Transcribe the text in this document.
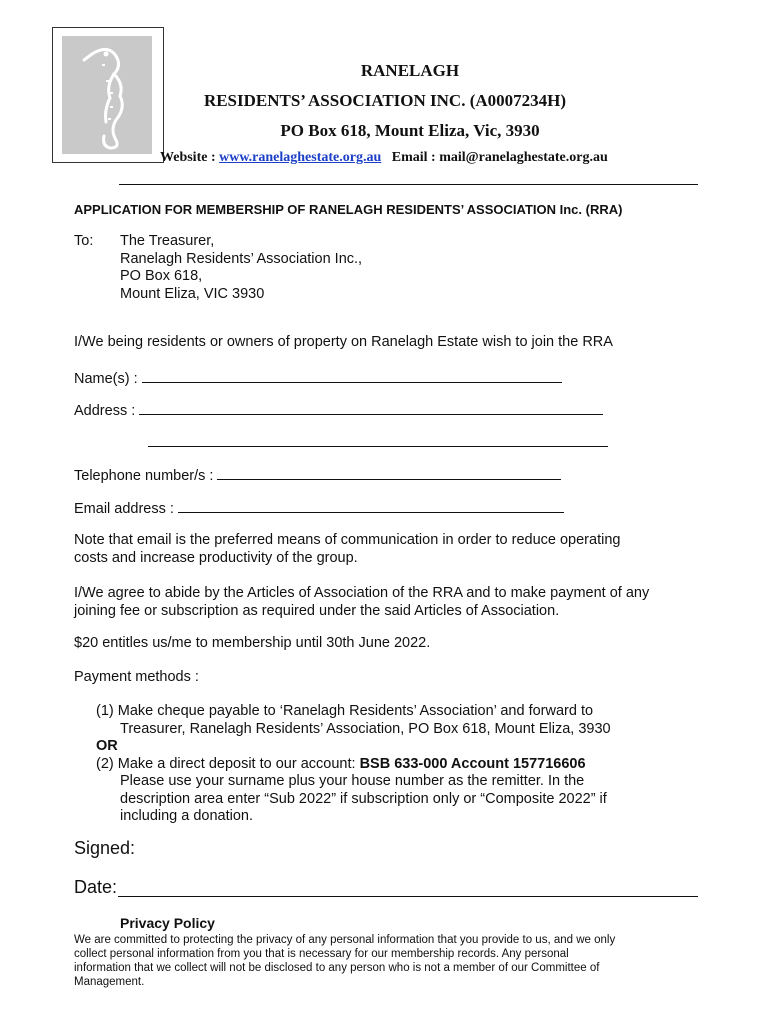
RANELAGH
RESIDENTS’ ASSOCIATION INC. (A0007234H)
PO Box 618, Mount Eliza, Vic, 3930
Website : www.ranelaghestate.org.au Email : mail@ranelaghestate.org.au
APPLICATION FOR MEMBERSHIP OF RANELAGH RESIDENTS’ ASSOCIATION Inc. (RRA)
To: The Treasurer,
Ranelagh Residents’ Association Inc.,
PO Box 618,
Mount Eliza, VIC 3930
I/We being residents or owners of property on Ranelagh Estate wish to join the RRA
Name(s) :
Address :
Telephone number/s :
Email address :
Note that email is the preferred means of communication in order to reduce operating
costs and increase productivity of the group.
I/We agree to abide by the Articles of Association of the RRA and to make payment of any
joining fee or subscription as required under the said Articles of Association.
$20 entitles us/me to membership until 30th June 2022.
Payment methods :
(1) Make cheque payable to ‘Ranelagh Residents’ Association’ and forward to
Treasurer, Ranelagh Residents’ Association, PO Box 618, Mount Eliza, 3930
OR
(2) Make a direct deposit to our account: BSB 633-000 Account 157716606
Please use your surname plus your house number as the remitter. In the
description area enter “Sub 2022” if subscription only or “Composite 2022” if
including a donation.
Signed:
Date:
Privacy Policy
We are committed to protecting the privacy of any personal information that you provide to us, and we only
collect personal information from you that is necessary for our membership records. Any personal
information that we collect will not be disclosed to any person who is not a member of our Committee of
Management.
